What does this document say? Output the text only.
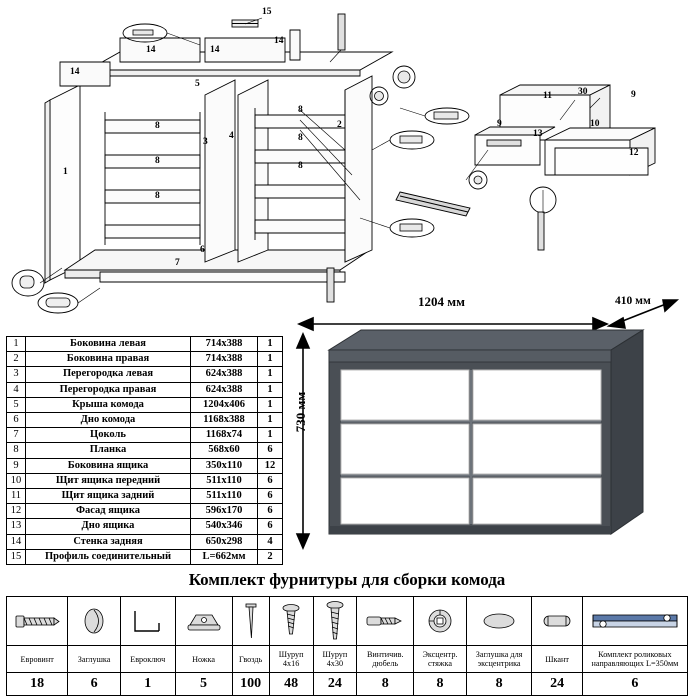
15
14
14	14
14
5
8
8
8
8
8
8
4
3
2
1
6
7
9
9
11	30
13
10
12
1	Боковина левая	714х388	1
2	Боковина правая	714х388	1
3	Перегородка левая	624х388	1
4	Перегородка правая	624х388	1
5	Крыша комода	1204х406	1
6	Дно комода	1168х388	1
7	Цоколь	1168х74	1
8	Планка	568х60	6
9	Боковина ящика	350х110	12
10	Щит ящика передний	511х110	6
11	Щит ящика задний	511х110	6
12	Фасад ящика	596х170	6
13	Дно ящика	540х346	6
14	Стенка задняя	650х298	4
15	Профиль соединительный	L=662мм	2
1204 мм	410 мм
730 мм
Комплект фурнитуры для сборки комода

Евровинт	Заглушка	Евроключ	Ножка	Гвоздь	Шуруп 4х16	Шуруп 4х30	Винтичив. дюбель	Эксцентр. стяжка	Заглушка для эксцентрика	Шкант	Комплект роликовых направляющих L=350мм
18	6	1	5	100	48	24	8	8	8	24	6
